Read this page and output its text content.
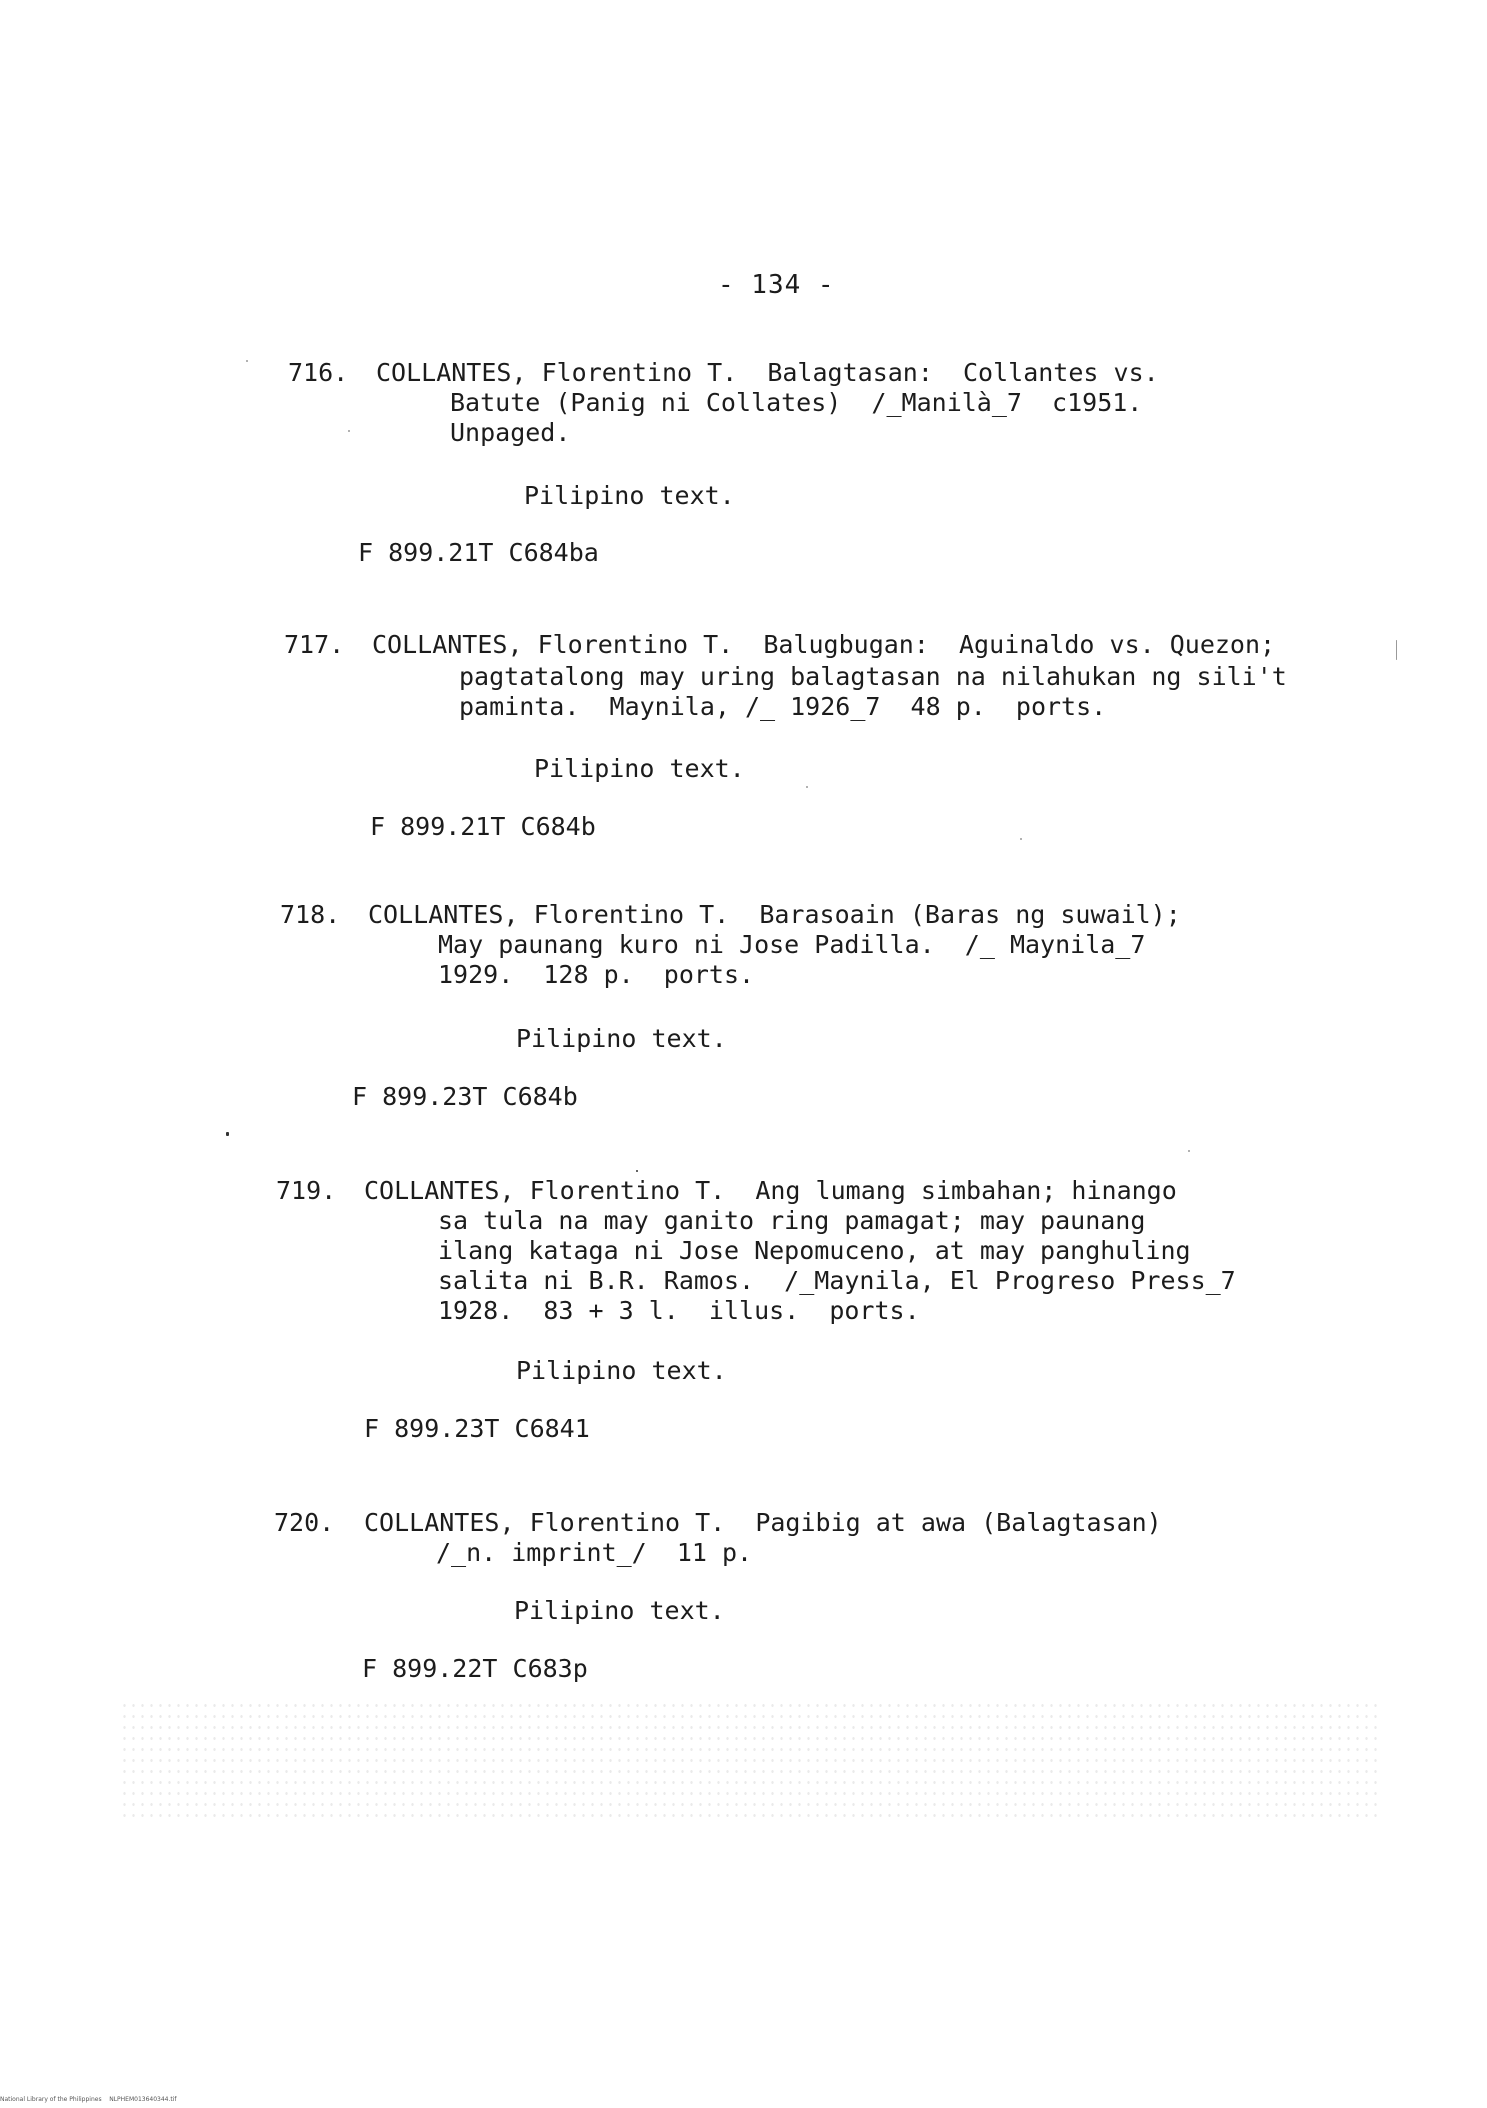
- 134 -

716.

COLLANTES, Florentino T.  Balagtasan:  Collantes vs.

Batute (Panig ni Collates)  /̲Manilà_7  c1951.

Unpaged.

Pilipino text.
F 899.21T C684ba

717.

COLLANTES, Florentino T.  Balugbugan:  Aguinaldo vs. Quezon;

pagtatalong may uring balagtasan na nilahukan ng sili't

paminta.  Maynila, /̲ 1926_7  48 p.  ports.

Pilipino text.
F 899.21T C684b

718.

COLLANTES, Florentino T.  Barasoain (Baras ng suwail);

May paunang kuro ni Jose Padilla.  /̲ Maynila_7

1929.  128 p.  ports.

Pilipino text.
F 899.23T C684b

719.

COLLANTES, Florentino T.  Ang lumang simbahan; hinango

sa tula na may ganito ring pamagat; may paunang

ilang kataga ni Jose Nepomuceno, at may panghuling

salita ni B.R. Ramos.  /̲Maynila, El Progreso Press_7

1928.  83 + 3 l.  illus.  ports.

Pilipino text.
F 899.23T C6841

720.

COLLANTES, Florentino T.  Pagibig at awa (Balagtasan)

/̲n. imprint_/  11 p.

Pilipino text.
F 899.22T C683p
National Library of the Philippines    NLPHEM013640344.tif
